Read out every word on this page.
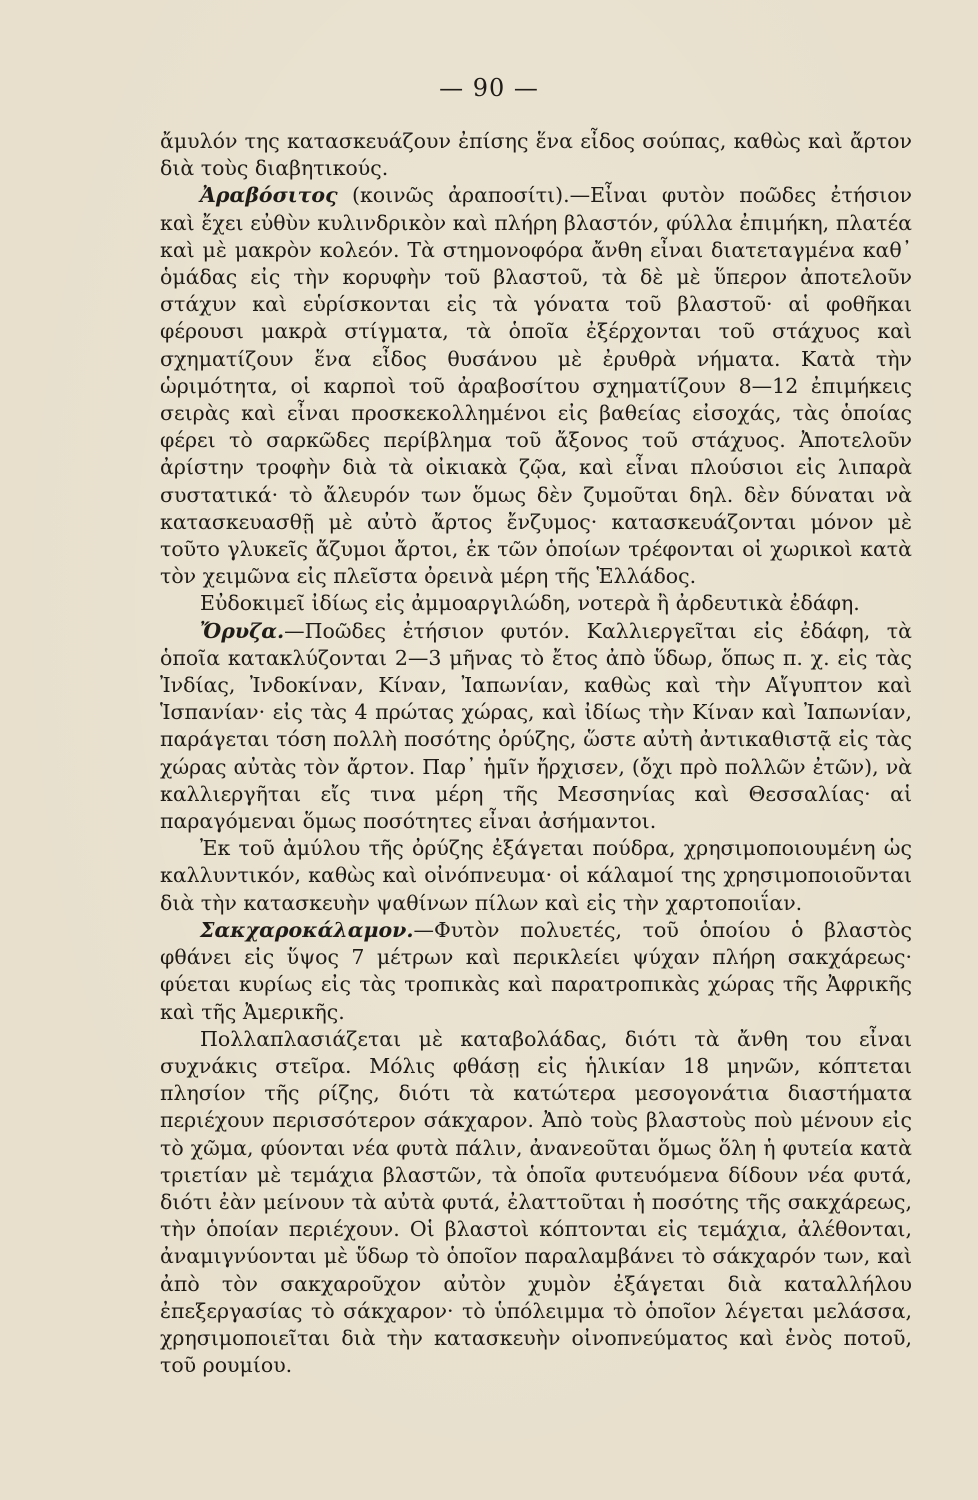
— 90 —

ἄμυλόν της κατασκευάζουν ἐπίσης ἕνα εἶδος σούπας, καθὼς καὶ ἄρτον διὰ τοὺς διαβητικούς.

Ἀραβόσιτος (κοινῶς ἀραποσίτι).—Εἶναι φυτὸν ποῶδες ἐτήσιον καὶ ἔχει εὐθὺν κυλινδρικὸν καὶ πλήρη βλαστόν, φύλλα ἐπιμήκη, πλατέα καὶ μὲ μακρὸν κολεόν. Τὰ στημονοφόρα ἄνθη εἶναι διατεταγμένα καθ᾽ ὁμάδας εἰς τὴν κορυφὴν τοῦ βλαστοῦ, τὰ δὲ μὲ ὕπερον ἀποτελοῦν στάχυν καὶ εὑρίσκονται εἰς τὰ γόνατα τοῦ βλαστοῦ· αἱ φοθῆκαι φέρουσι μακρὰ στίγματα, τὰ ὁποῖα ἐξέρχονται τοῦ στάχυος καὶ σχηματίζουν ἕνα εἶδος θυσάνου μὲ ἐρυθρὰ νήματα. Κατὰ τὴν ὡριμότητα, οἱ καρποὶ τοῦ ἀραβοσίτου σχηματίζουν 8—12 ἐπιμήκεις σειρὰς καὶ εἶναι προσκεκολλημένοι εἰς βαθείας εἰσοχάς, τὰς ὁποίας φέρει τὸ σαρκῶδες περίβλημα τοῦ ἄξονος τοῦ στάχυος. Ἀποτελοῦν ἀρίστην τροφὴν διὰ τὰ οἰκιακὰ ζῷα, καὶ εἶναι πλούσιοι εἰς λιπαρὰ συστατικά· τὸ ἄλευρόν των ὅμως δὲν ζυμοῦται δηλ. δὲν δύναται νὰ κατασκευασθῇ μὲ αὐτὸ ἄρτος ἔνζυμος· κατασκευάζονται μόνον μὲ τοῦτο γλυκεῖς ἄζυμοι ἄρτοι, ἐκ τῶν ὁποίων τρέφονται οἱ χωρικοὶ κατὰ τὸν χειμῶνα εἰς πλεῖστα ὀρεινὰ μέρη τῆς Ἑλλάδος.

Εὐδοκιμεῖ ἰδίως εἰς ἀμμοαργιλώδη, νοτερὰ ἢ ἀρδευτικὰ ἐδάφη.

Ὄρυζα.—Ποῶδες ἐτήσιον φυτόν. Καλλιεργεῖται εἰς ἐδάφη, τὰ ὁποῖα κατακλύζονται 2—3 μῆνας τὸ ἔτος ἀπὸ ὕδωρ, ὅπως π. χ. εἰς τὰς Ἰνδίας, Ἰνδοκίναν, Κίναν, Ἰαπωνίαν, καθὼς καὶ τὴν Αἴγυπτον καὶ Ἱσπανίαν· εἰς τὰς 4 πρώτας χώρας, καὶ ἰδίως τὴν Κίναν καὶ Ἰαπωνίαν, παράγεται τόση πολλὴ ποσότης ὀρύζης, ὥστε αὐτὴ ἀντικαθιστᾷ εἰς τὰς χώρας αὐτὰς τὸν ἄρτον. Παρ᾽ ἡμῖν ἤρχισεν, (ὄχι πρὸ πολλῶν ἐτῶν), νὰ καλλιεργῆται εἴς τινα μέρη τῆς Μεσσηνίας καὶ Θεσσαλίας· αἱ παραγόμεναι ὅμως ποσότητες εἶναι ἀσήμαντοι.

Ἐκ τοῦ ἀμύλου τῆς ὀρύζης ἐξάγεται πούδρα, χρησιμοποιουμένη ὡς καλλυντικόν, καθὼς καὶ οἰνόπνευμα· οἱ κάλαμοί της χρησιμοποιοῦνται διὰ τὴν κατασκευὴν ψαθίνων πίλων καὶ εἰς τὴν χαρτοποιΐαν.

Σακχαροκάλαμον.—Φυτὸν πολυετές, τοῦ ὁποίου ὁ βλαστὸς φθάνει εἰς ὕψος 7 μέτρων καὶ περικλείει ψύχαν πλήρη σακχάρεως· φύεται κυρίως εἰς τὰς τροπικὰς καὶ παρατροπικὰς χώρας τῆς Ἀφρικῆς καὶ τῆς Ἀμερικῆς.

Πολλαπλασιάζεται μὲ καταβολάδας, διότι τὰ ἄνθη του εἶναι συχνάκις στεῖρα. Μόλις φθάσῃ εἰς ἡλικίαν 18 μηνῶν, κόπτεται πλησίον τῆς ρίζης, διότι τὰ κατώτερα μεσογονάτια διαστήματα περιέχουν περισσότερον σάκχαρον. Ἀπὸ τοὺς βλαστοὺς ποὺ μένουν εἰς τὸ χῶμα, φύονται νέα φυτὰ πάλιν, ἀνανεοῦται ὅμως ὅλη ἡ φυτεία κατὰ τριετίαν μὲ τεμάχια βλαστῶν, τὰ ὁποῖα φυτευόμενα δίδουν νέα φυτά, διότι ἐὰν μείνουν τὰ αὐτὰ φυτά, ἐλαττοῦται ἡ ποσότης τῆς σακχάρεως, τὴν ὁποίαν περιέχουν. Οἱ βλαστοὶ κόπτονται εἰς τεμάχια, ἀλέθονται, ἀναμιγνύονται μὲ ὕδωρ τὸ ὁποῖον παραλαμβάνει τὸ σάκχαρόν των, καὶ ἀπὸ τὸν σακχαροῦχον αὐτὸν χυμὸν ἐξάγεται διὰ καταλλήλου ἐπεξεργασίας τὸ σάκχαρον· τὸ ὑπόλειμμα τὸ ὁποῖον λέγεται μελάσσα, χρησιμοποιεῖται διὰ τὴν κατασκευὴν οἰνοπνεύματος καὶ ἑνὸς ποτοῦ, τοῦ ρουμίου.
